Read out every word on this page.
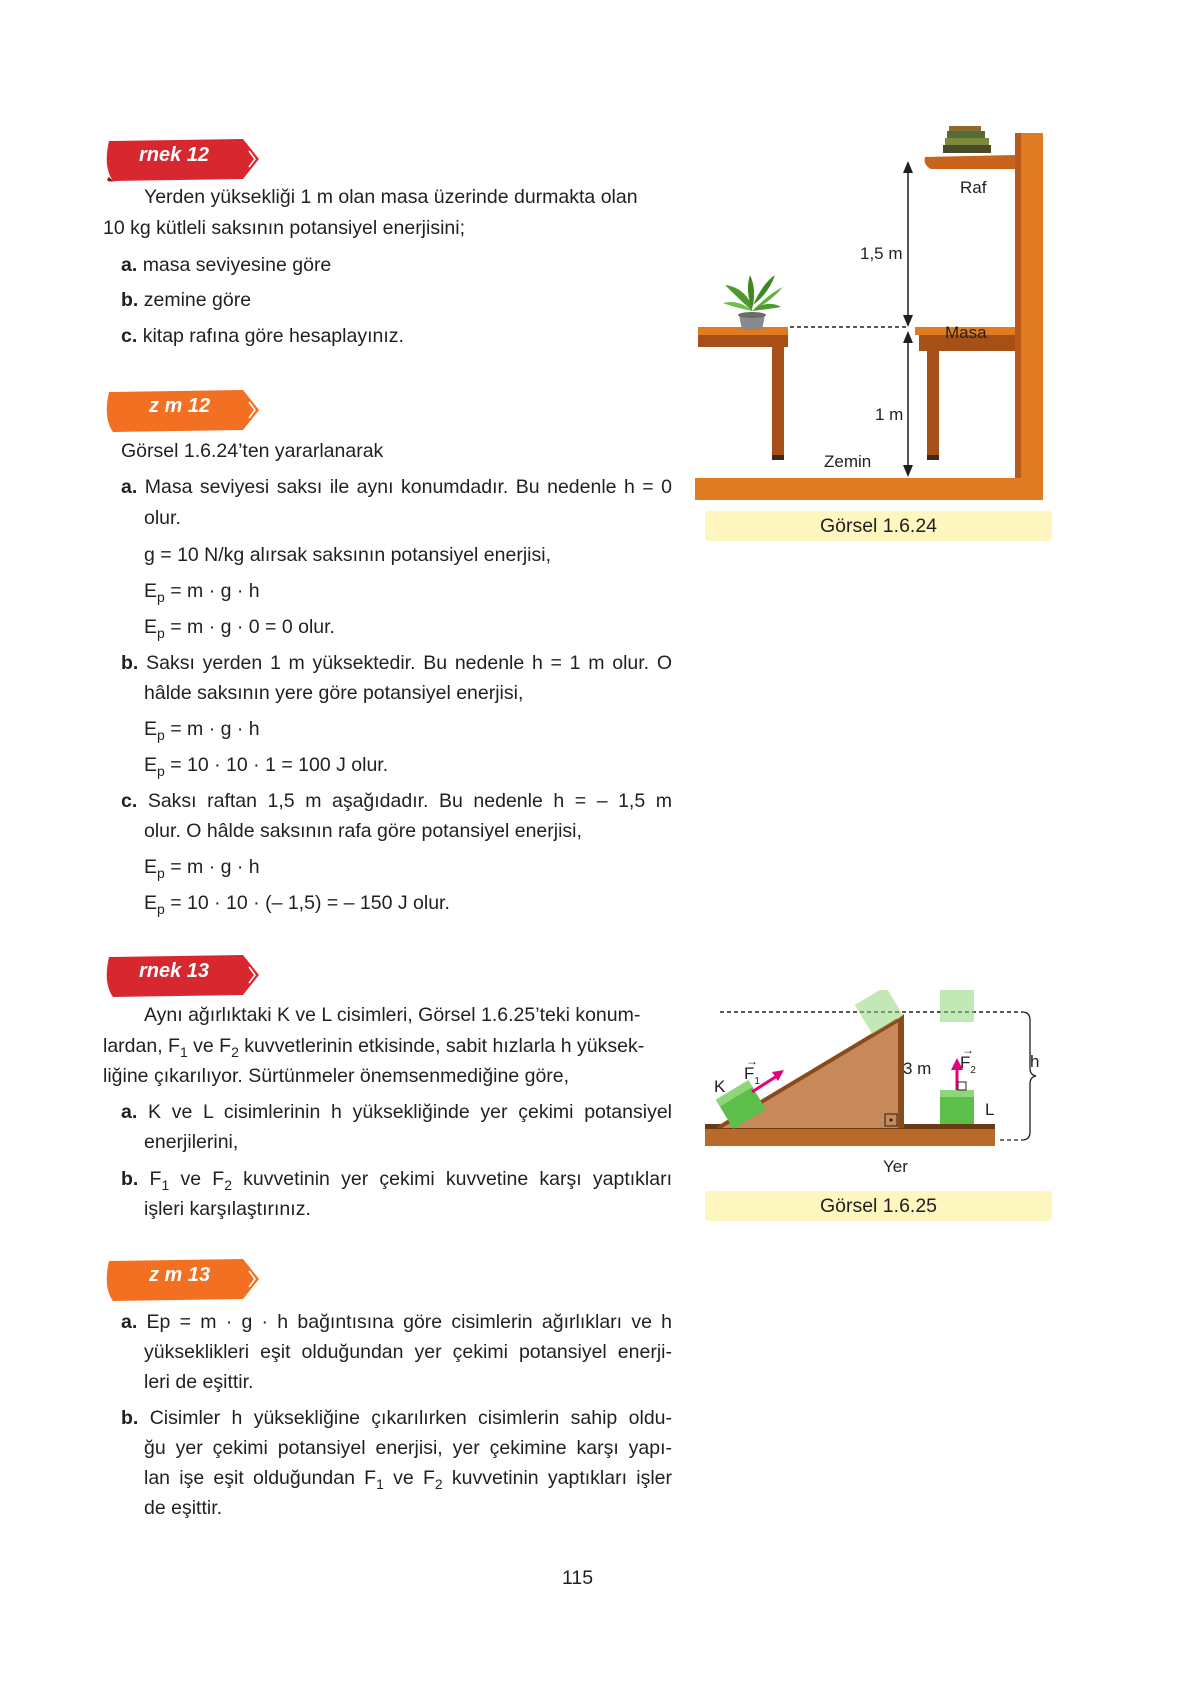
rnek 12
Yerden yüksekliği 1 m olan masa üzerinde durmakta olan
10 kg kütleli saksının potansiyel enerjisini;
a. masa seviyesine göre
b. zemine göre
c. kitap rafına göre hesaplayınız.
z m 12
Görsel 1.6.24’ten yararlanarak
a. Masa seviyesi saksı ile aynı konumdadır. Bu nedenle h = 0
olur.
g = 10 N/kg alırsak saksının potansiyel enerjisi,
$E_p = m \cdot g \cdot h$
$E_p = m \cdot g \cdot 0 = 0$ olur.
b. Saksı yerden 1 m yüksektedir. Bu nedenle h = 1 m olur. O
hâlde saksının yere göre potansiyel enerjisi,
$E_p = m \cdot g \cdot h$
$E_p = 10 \cdot 10 \cdot 1 = 100$ J olur.
c. Saksı raftan 1,5 m aşağıdadır. Bu nedenle h = – 1,5 m
olur. O hâlde saksının rafa göre potansiyel enerjisi,
$E_p = m \cdot g \cdot h$
$E_p = 10 \cdot 10$ · (– 1,5) = – 150 J olur.
Raf
1,5 m
Masa
1 m
Zemin
Görsel 1.6.24
rnek 13
Aynı ağırlıktaki K ve L cisimleri, Görsel 1.6.25’teki konum-
lardan, $F_1$ ve $F_2$ kuvvetlerinin etkisinde, sabit hızlarla h yüksek-
liğine çıkarılıyor. Sürtünmeler önemsenmediğine göre,
a. K ve L cisimlerinin h yüksekliğinde yer çekimi potansiyel
enerjilerini,
b. $F_1$ ve $F_2$ kuvvetinin yer çekimi kuvvetine karşı yaptıkları
işleri karşılaştırınız.
K
→
$F_1$
3 m
→
$F_2$
L
h
Yer
Görsel 1.6.25
z m 13
a. Ep = m · g · h bağıntısına göre cisimlerin ağırlıkları ve h
yükseklikleri eşit olduğundan yer çekimi potansiyel enerji-
leri de eşittir.
b. Cisimler h yüksekliğine çıkarılırken cisimlerin sahip oldu-
ğu yer çekimi potansiyel enerjisi, yer çekimine karşı yapı-
lan işe eşit olduğundan $F_1$ ve $F_2$ kuvvetinin yaptıkları işler
de eşittir.
115
